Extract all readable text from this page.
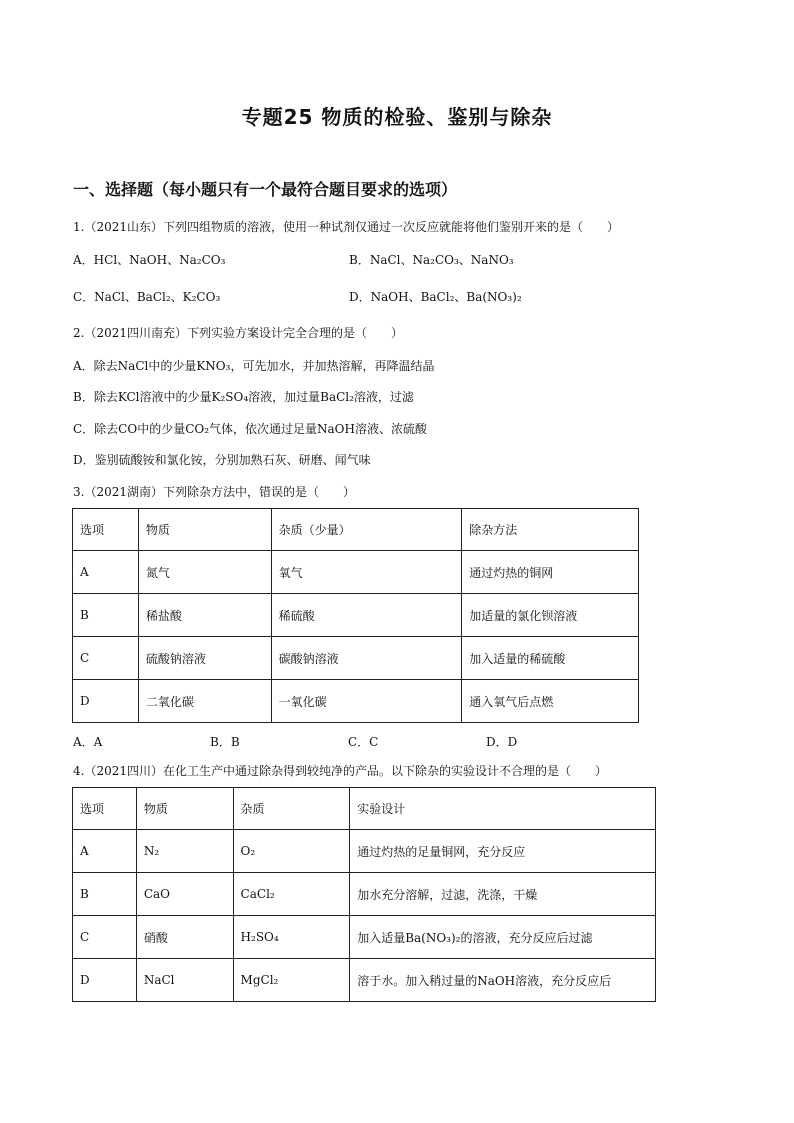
专题25 物质的检验、鉴别与除杂
一、选择题（每小题只有一个最符合题目要求的选项）
1.（2021山东）下列四组物质的溶液，使用一种试剂仅通过一次反应就能将他们鉴别开来的是（　　）
A．HCl、NaOH、Na₂CO₃	B．NaCl、Na₂CO₃、NaNO₃
C．NaCl、BaCl₂、K₂CO₃	D．NaOH、BaCl₂、Ba(NO₃)₂
2.（2021四川南充）下列实验方案设计完全合理的是（　　）
A．除去NaCl中的少量KNO₃，可先加水，并加热溶解，再降温结晶
B．除去KCl溶液中的少量K₂SO₄溶液，加过量BaCl₂溶液，过滤
C．除去CO中的少量CO₂气体，依次通过足量NaOH溶液、浓硫酸
D．鉴别硫酸铵和氯化铵，分别加熟石灰、研磨、闻气味
3.（2021湖南）下列除杂方法中，错误的是（　　）
选项	物质	杂质（少量）	除杂方法
A	氮气	氧气	通过灼热的铜网
B	稀盐酸	稀硫酸	加适量的氯化钡溶液
C	硫酸钠溶液	碳酸钠溶液	加入适量的稀硫酸
D	二氧化碳	一氧化碳	通入氧气后点燃
A．A	B．B	C．C	D．D
4.（2021四川）在化工生产中通过除杂得到较纯净的产品。以下除杂的实验设计不合理的是（　　）
选项	物质	杂质	实验设计
A	N₂	O₂	通过灼热的足量铜网，充分反应
B	CaO	CaCl₂	加水充分溶解，过滤，洗涤，干燥
C	硝酸	H₂SO₄	加入适量Ba(NO₃)₂的溶液，充分反应后过滤
D	NaCl	MgCl₂	溶于水。加入稍过量的NaOH溶液，充分反应后
